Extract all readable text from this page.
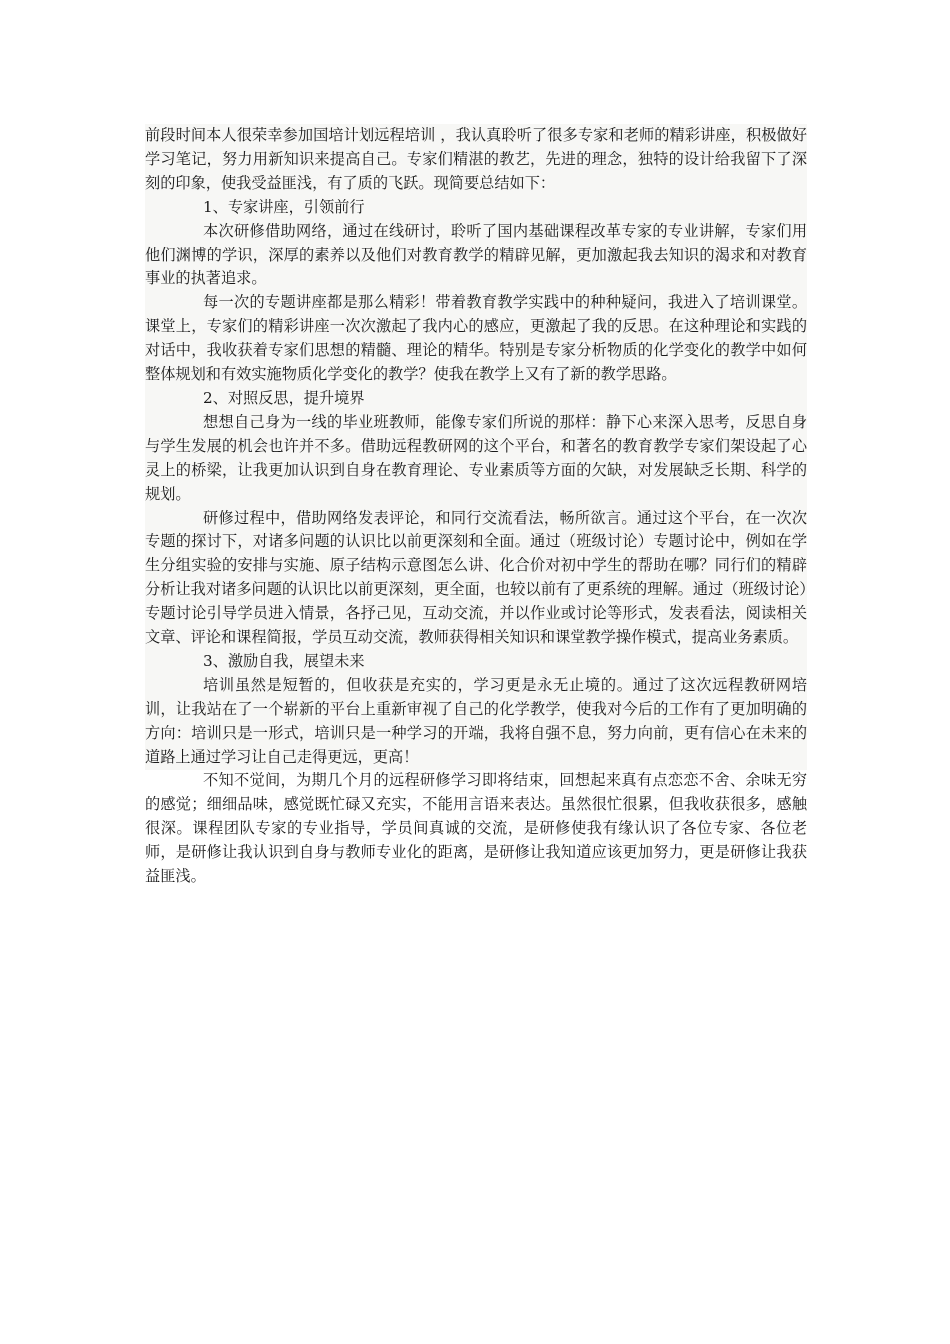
前段时间本人很荣幸参加国培计划远程培训 ，我认真聆听了很多专家和老师的精彩讲座，积极做好学习笔记，努力用新知识来提高自己。专家们精湛的教艺，先进的理念，独特的设计给我留下了深刻的印象，使我受益匪浅，有了质的飞跃。现简要总结如下：

1、专家讲座，引领前行

本次研修借助网络，通过在线研讨，聆听了国内基础课程改革专家的专业讲解，专家们用他们渊博的学识，深厚的素养以及他们对教育教学的精辟见解，更加激起我去知识的渴求和对教育事业的执著追求。

每一次的专题讲座都是那么精彩！带着教育教学实践中的种种疑问，我进入了培训课堂。课堂上，专家们的精彩讲座一次次激起了我内心的感应，更激起了我的反思。在这种理论和实践的对话中，我收获着专家们思想的精髓、理论的精华。特别是专家分析物质的化学变化的教学中如何整体规划和有效实施物质化学变化的教学？使我在教学上又有了新的教学思路。

2、对照反思，提升境界

想想自己身为一线的毕业班教师，能像专家们所说的那样：静下心来深入思考，反思自身与学生发展的机会也许并不多。借助远程教研网的这个平台，和著名的教育教学专家们架设起了心灵上的桥梁，让我更加认识到自身在教育理论、专业素质等方面的欠缺，对发展缺乏长期、科学的规划。

研修过程中，借助网络发表评论，和同行交流看法，畅所欲言。通过这个平台，在一次次专题的探讨下，对诸多问题的认识比以前更深刻和全面。通过（班级讨论）专题讨论中，例如在学生分组实验的安排与实施、原子结构示意图怎么讲、化合价对初中学生的帮助在哪？同行们的精辟分析让我对诸多问题的认识比以前更深刻，更全面，也较以前有了更系统的理解。通过（班级讨论）专题讨论引导学员进入情景，各抒己见，互动交流，并以作业或讨论等形式，发表看法，阅读相关文章、评论和课程简报，学员互动交流，教师获得相关知识和课堂教学操作模式，提高业务素质。

3、激励自我，展望未来

培训虽然是短暂的，但收获是充实的，学习更是永无止境的。通过了这次远程教研网培训，让我站在了一个崭新的平台上重新审视了自己的化学教学，使我对今后的工作有了更加明确的方向：培训只是一形式，培训只是一种学习的开端，我将自强不息，努力向前，更有信心在未来的道路上通过学习让自己走得更远，更高！

不知不觉间，为期几个月的远程研修学习即将结束，回想起来真有点恋恋不舍、余味无穷的感觉；细细品味，感觉既忙碌又充实，不能用言语来表达。虽然很忙很累，但我收获很多，感触很深。课程团队专家的专业指导，学员间真诚的交流，是研修使我有缘认识了各位专家、各位老师，是研修让我认识到自身与教师专业化的距离，是研修让我知道应该更加努力，更是研修让我获益匪浅。
